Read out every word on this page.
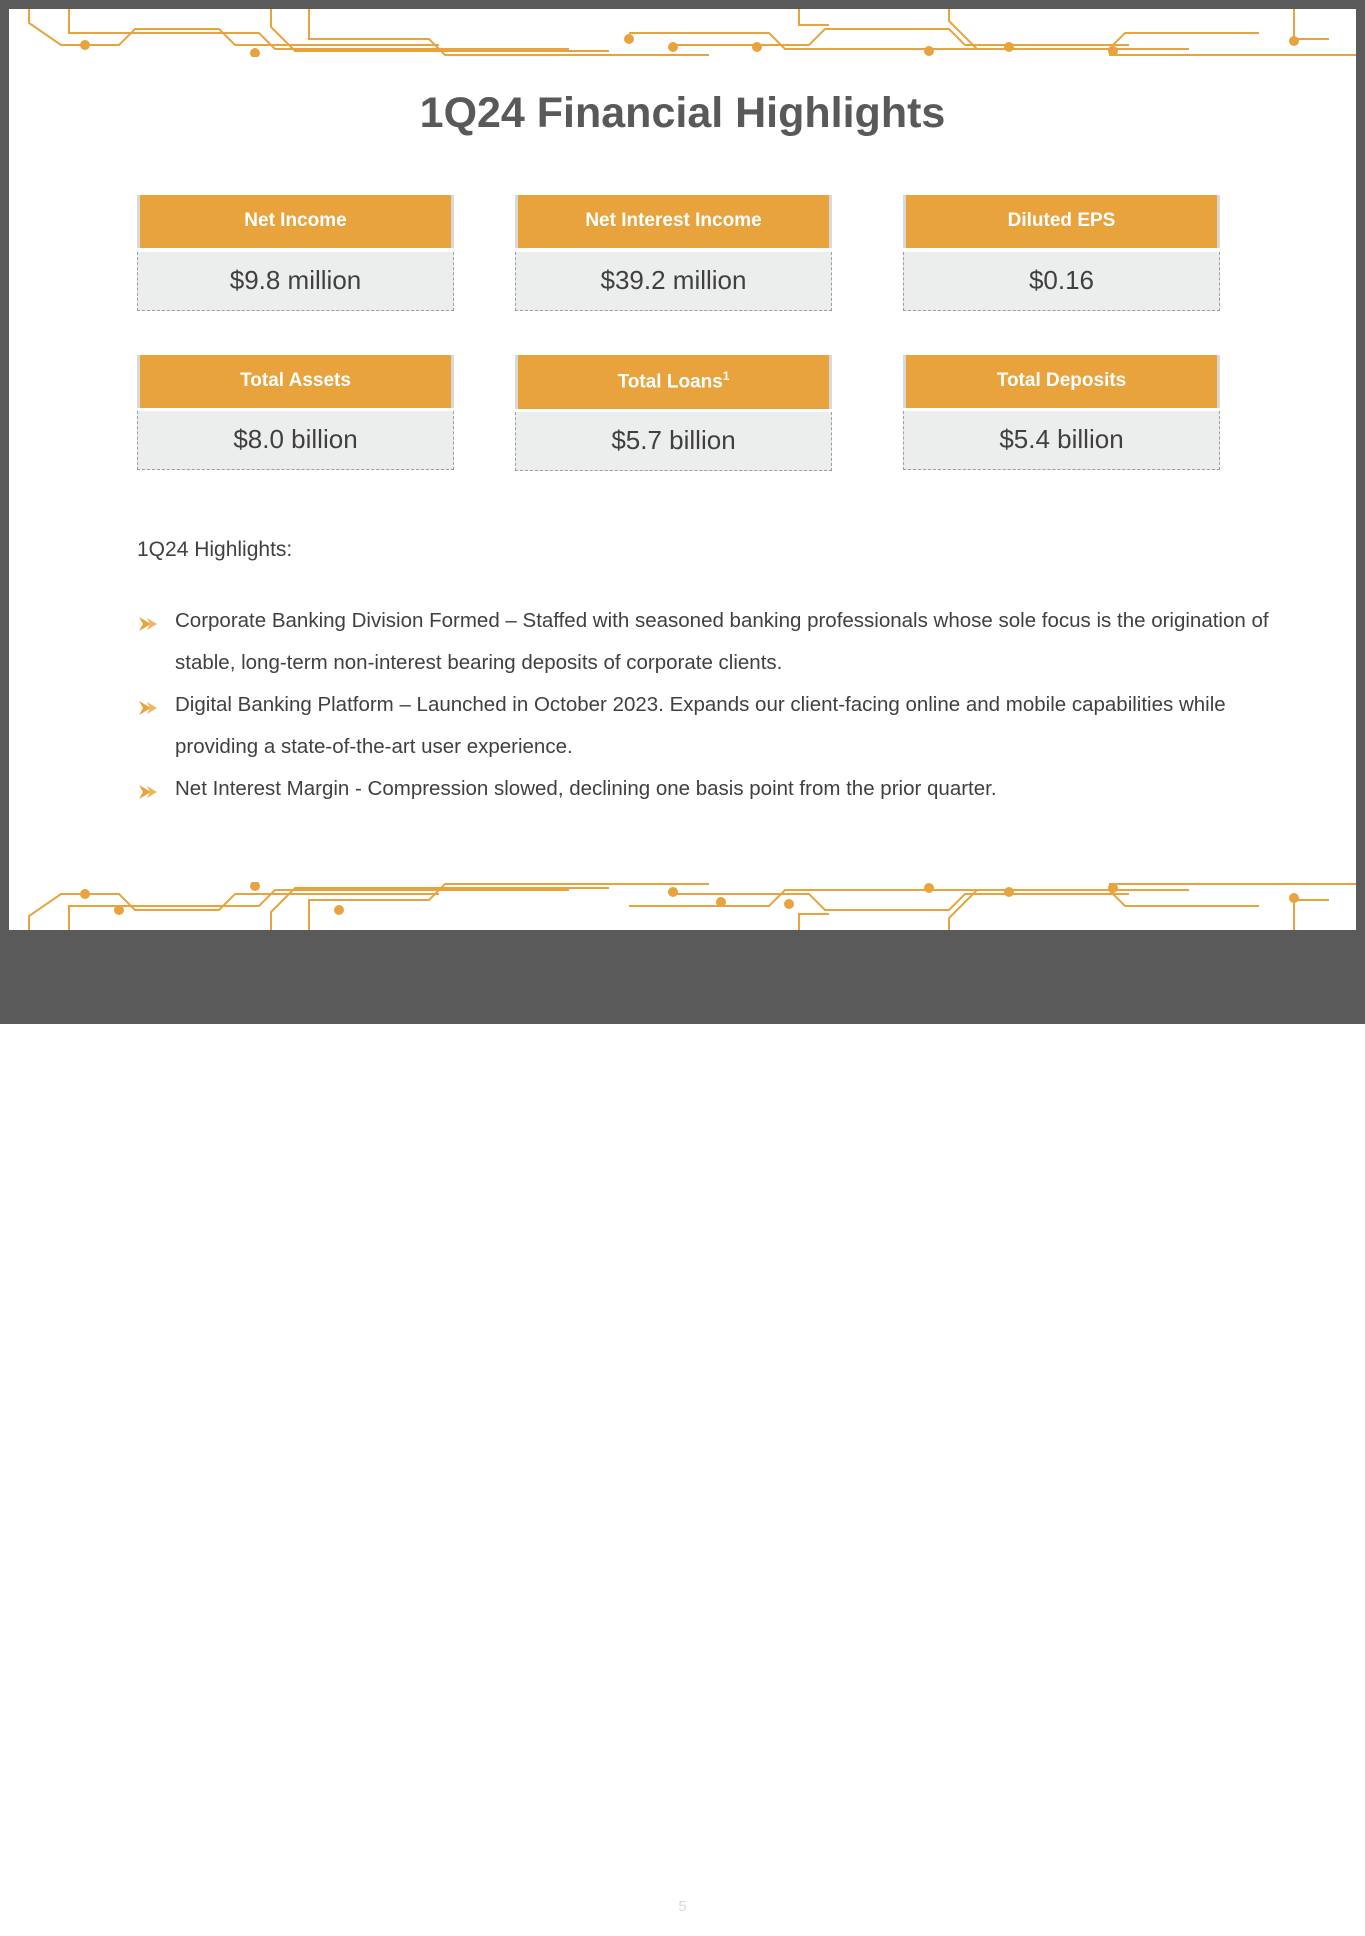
1Q24 Financial Highlights
Net Income
$9.8 million
Net Interest Income
$39.2 million
Diluted EPS
$0.16
Total Assets
$8.0 billion
Total Loans$^1$
$5.7 billion
Total Deposits
$5.4 billion
1Q24 Highlights:
Corporate Banking Division Formed – Staffed with seasoned banking professionals whose sole focus is the origination of stable, long-term non-interest bearing deposits of corporate clients.
Digital Banking Platform – Launched in October 2023. Expands our client-facing online and mobile capabilities while providing a state-of-the-art user experience.
Net Interest Margin - Compression slowed, declining one basis point from the prior quarter.
¹ Excludes Yield Adjustments
Source: Company Filings	5	kearny financial corp.
